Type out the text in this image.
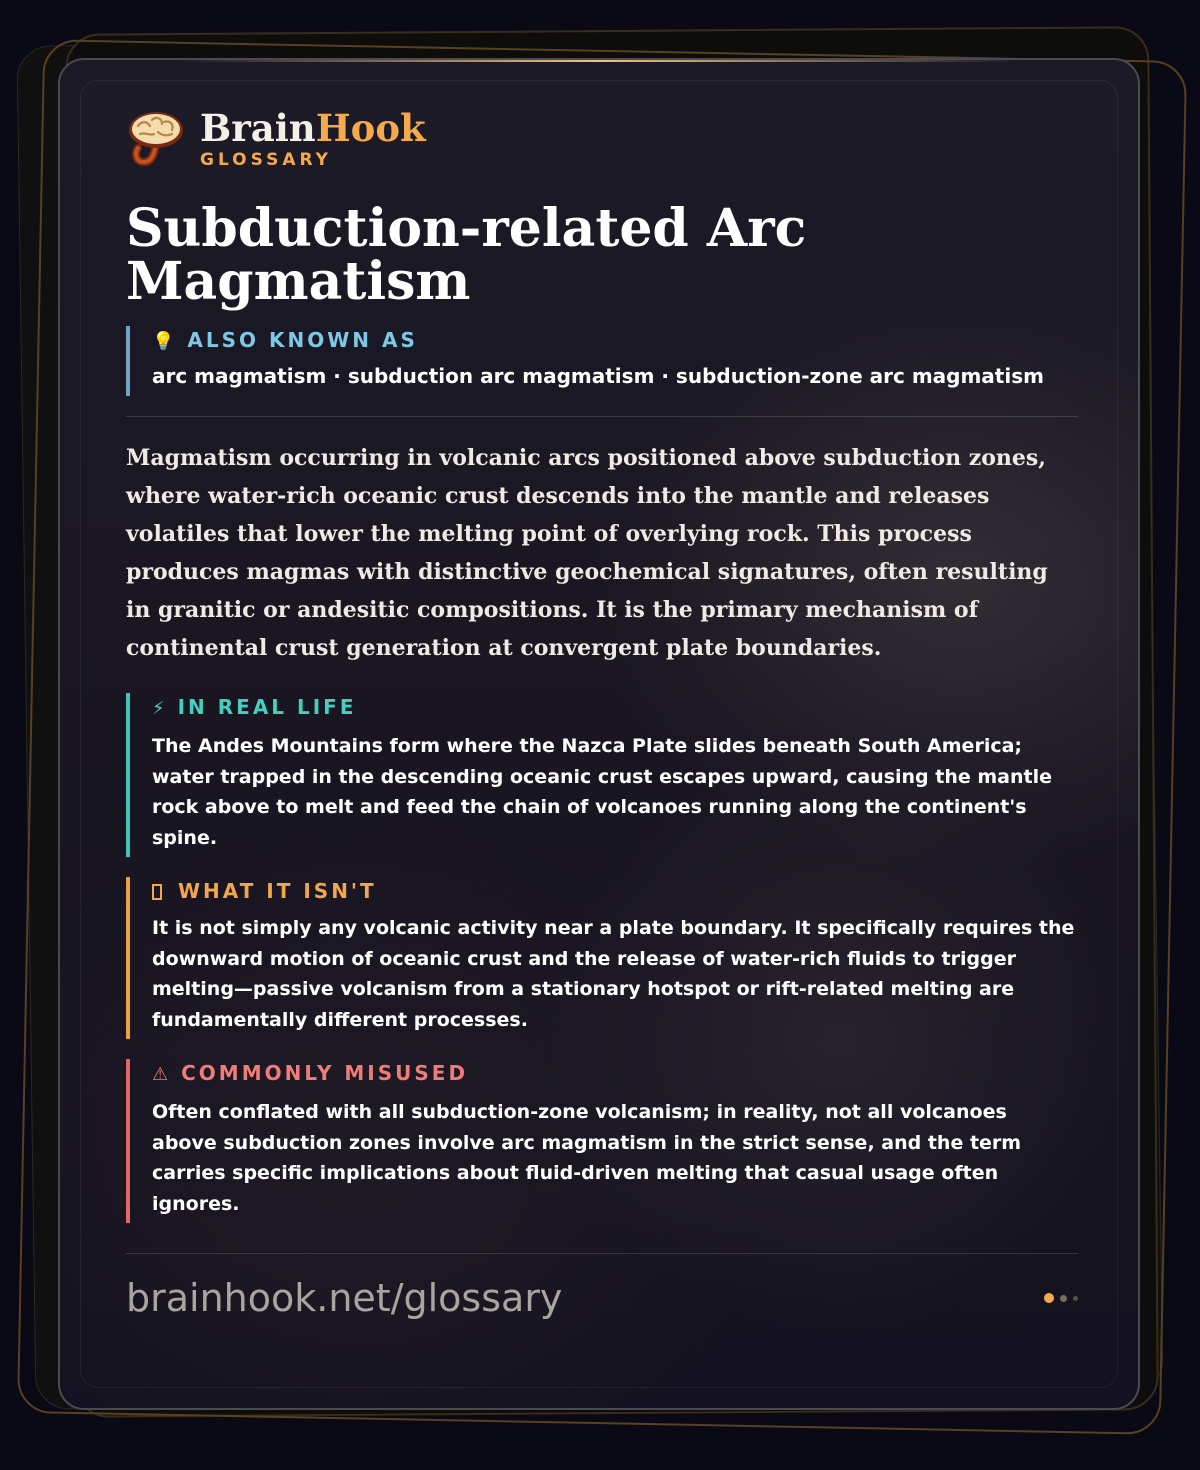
BrainHook
GLOSSARY
Subduction-related Arc Magmatism
💡 ALSO KNOWN AS
arc magmatism · subduction arc magmatism · subduction-zone arc magmatism
Magmatism occurring in volcanic arcs positioned above subduction zones, where water-rich oceanic crust descends into the mantle and releases volatiles that lower the melting point of overlying rock. This process produces magmas with distinctive geochemical signatures, often resulting in granitic or andesitic compositions. It is the primary mechanism of continental crust generation at convergent plate boundaries.
⚡ IN REAL LIFE
The Andes Mountains form where the Nazca Plate slides beneath South America; water trapped in the descending oceanic crust escapes upward, causing the mantle rock above to melt and feed the chain of volcanoes running along the continent's spine.
WHAT IT ISN'T
It is not simply any volcanic activity near a plate boundary. It specifically requires the downward motion of oceanic crust and the release of water-rich fluids to trigger melting—passive volcanism from a stationary hotspot or rift-related melting are fundamentally different processes.
⚠ COMMONLY MISUSED
Often conflated with all subduction-zone volcanism; in reality, not all volcanoes above subduction zones involve arc magmatism in the strict sense, and the term carries specific implications about fluid-driven melting that casual usage often ignores.
brainhook.net/glossary
